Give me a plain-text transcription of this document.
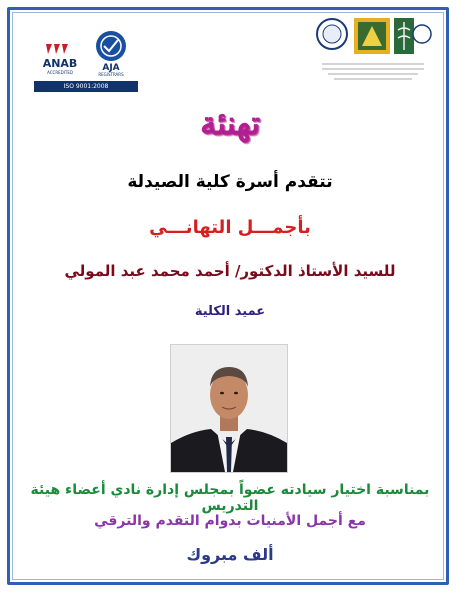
ANAB
ACCREDITED	AJA
REGISTRARS
ISO 9001:2008
تهنئة
تتقدم أسرة كلية الصيدلة
بأجمـــل التهانـــي
للسيد الأستاذ الدكتور/ أحمد محمد عبد المولي
عميد الكلية
بمناسبة اختيار سيادته عضواً بمجلس إدارة نادي أعضاء هيئة التدريس
مع أجمل الأمنيات بدوام التقدم والترقي
ألف مبروك
